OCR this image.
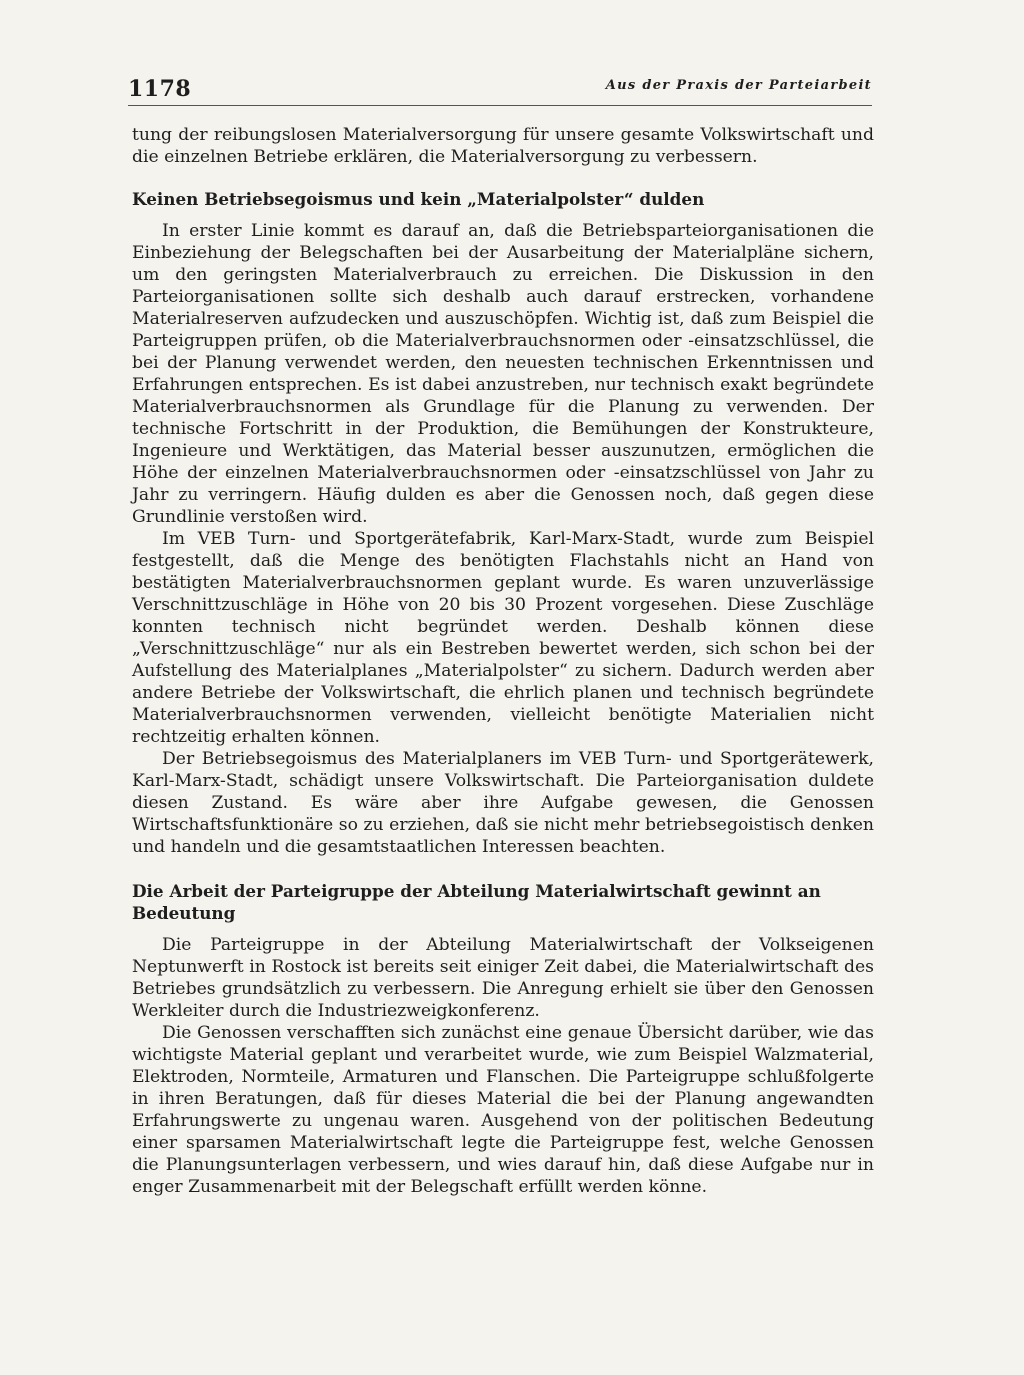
1178	Aus der Praxis der Parteiarbeit

tung der reibungslosen Materialversorgung für unsere gesamte Volkswirtschaft und die einzelnen Betriebe erklären, die Materialversorgung zu verbessern.

Keinen Betriebsegoismus und kein „Materialpolster“ dulden

In erster Linie kommt es darauf an, daß die Betriebsparteiorganisationen die Einbeziehung der Belegschaften bei der Ausarbeitung der Materialpläne sichern, um den geringsten Materialverbrauch zu erreichen. Die Diskussion in den Parteiorganisationen sollte sich deshalb auch darauf erstrecken, vorhandene Materialreserven aufzudecken und auszuschöpfen. Wichtig ist, daß zum Beispiel die Parteigruppen prüfen, ob die Materialverbrauchsnormen oder -einsatzschlüssel, die bei der Planung verwendet werden, den neuesten technischen Erkenntnissen und Erfahrungen entsprechen. Es ist dabei anzustreben, nur technisch exakt begründete Materialverbrauchsnormen als Grundlage für die Planung zu verwenden. Der technische Fortschritt in der Produktion, die Bemühungen der Konstrukteure, Ingenieure und Werktätigen, das Material besser auszunutzen, ermöglichen die Höhe der einzelnen Materialverbrauchsnormen oder -einsatzschlüssel von Jahr zu Jahr zu verringern. Häufig dulden es aber die Genossen noch, daß gegen diese Grundlinie verstoßen wird.

Im VEB Turn- und Sportgerätefabrik, Karl-Marx-Stadt, wurde zum Beispiel festgestellt, daß die Menge des benötigten Flachstahls nicht an Hand von bestätigten Materialverbrauchsnormen geplant wurde. Es waren unzuverlässige Verschnittzuschläge in Höhe von 20 bis 30 Prozent vorgesehen. Diese Zuschläge konnten technisch nicht begründet werden. Deshalb können diese „Verschnittzuschläge“ nur als ein Bestreben bewertet werden, sich schon bei der Aufstellung des Materialplanes „Materialpolster“ zu sichern. Dadurch werden aber andere Betriebe der Volkswirtschaft, die ehrlich planen und technisch begründete Materialverbrauchsnormen verwenden, vielleicht benötigte Materialien nicht rechtzeitig erhalten können.

Der Betriebsegoismus des Materialplaners im VEB Turn- und Sportgerätewerk, Karl-Marx-Stadt, schädigt unsere Volkswirtschaft. Die Parteiorganisation duldete diesen Zustand. Es wäre aber ihre Aufgabe gewesen, die Genossen Wirtschaftsfunktionäre so zu erziehen, daß sie nicht mehr betriebsegoistisch denken und handeln und die gesamtstaatlichen Interessen beachten.

Die Arbeit der Parteigruppe der Abteilung Materialwirtschaft gewinnt an Bedeutung

Die Parteigruppe in der Abteilung Materialwirtschaft der Volkseigenen Neptunwerft in Rostock ist bereits seit einiger Zeit dabei, die Materialwirtschaft des Betriebes grundsätzlich zu verbessern. Die Anregung erhielt sie über den Genossen Werkleiter durch die Industriezweigkonferenz.

Die Genossen verschafften sich zunächst eine genaue Übersicht darüber, wie das wichtigste Material geplant und verarbeitet wurde, wie zum Beispiel Walzmaterial, Elektroden, Normteile, Armaturen und Flanschen. Die Parteigruppe schlußfolgerte in ihren Beratungen, daß für dieses Material die bei der Planung angewandten Erfahrungswerte zu ungenau waren. Ausgehend von der politischen Bedeutung einer sparsamen Materialwirtschaft legte die Parteigruppe fest, welche Genossen die Planungsunterlagen verbessern, und wies darauf hin, daß diese Aufgabe nur in enger Zusammenarbeit mit der Belegschaft erfüllt werden könne.
